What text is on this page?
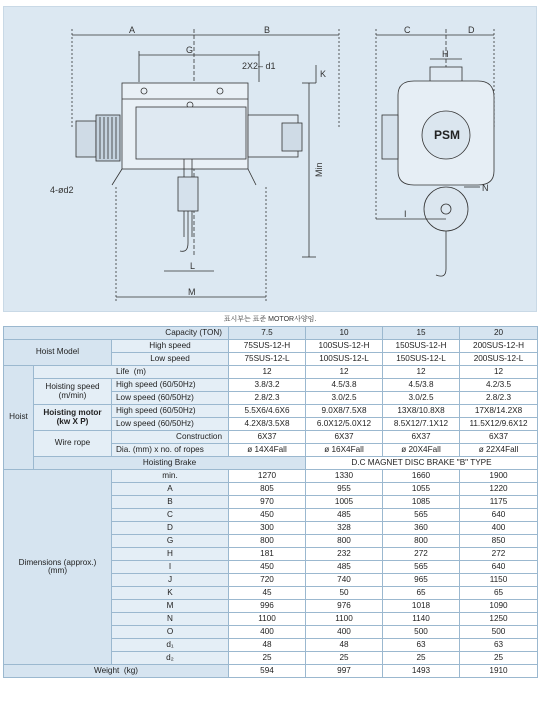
A	B
G
2X2– d1
K
4-ød2
L
M
Min
C	D
H
I
N
PSM
표시부는 표준 MOTOR사양임.
Capacity (TON)			7.5	10	15	20
Hoist Model		High speed	75SUS-12-H	100SUS-12-H	150SUS-12-H	200SUS-12-H
		Low speed	75SUS-12-L	100SUS-12-L	150SUS-12-L	200SUS-12-L
Hoist	Life (m)		12	12	12	12
	Hoisting speed
(m/min)	High speed (60/50Hz)	3.8/3.2	4.5/3.8	4.5/3.8	4.2/3.5
		Low speed (60/50Hz)	2.8/2.3	3.0/2.5	3.0/2.5	2.8/2.3
	Hoisting motor
(kw X P)	High speed (60/50Hz)	5.5X6/4.6X6	9.0X8/7.5X8	13X8/10.8X8	17X8/14.2X8
		Low speed (60/50Hz)	4.2X8/3.5X8	6.0X12/5.0X12	8.5X12/7.1X12	11.5X12/9.6X12
	Wire rope	Construction	6X37	6X37	6X37	6X37
		Dia. (mm) x no. of ropes	ø 14X4Fall	ø 16X4Fall	ø 20X4Fall	ø 22X4Fall
	Hoisting Brake			D.C MAGNET DISC BRAKE "B" TYPE		
Dimensions (approx.)
(mm)		min.	1270	1330	1660	1900
		A	805	955	1055	1220
		B	970	1005	1085	1175
		C	450	485	565	640
		D	300	328	360	400
		G	800	800	800	850
		H	181	232	272	272
		I	450	485	565	640
		J	720	740	965	1150
		K	45	50	65	65
		M	996	976	1018	1090
		N	1100	1100	1140	1250
		O	400	400	500	500
		d₁	48	48	63	63
		d₂	25	25	25	25
Weight (kg)			594	997	1493	1910
